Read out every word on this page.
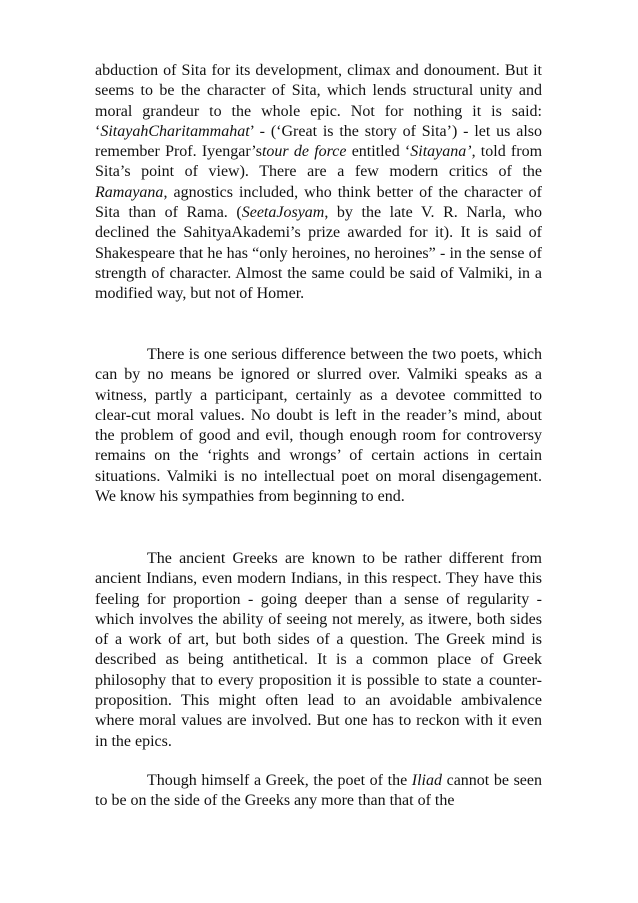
abduction of Sita for its development, climax and donoument. But it seems to be the character of Sita, which lends structural unity and moral grandeur to the whole epic. Not for nothing it is said: ‘SitayahCharitammahat’ - (‘Great is the story of Sita’) - let us also remember Prof. Iyengar’stour de force entitled ‘Sitayana’, told from Sita’s point of view). There are a few modern critics of the Ramayana, agnostics included, who think better of the character of Sita than of Rama. (SeetaJosyam, by the late V. R. Narla, who declined the SahityaAkademi’s prize awarded for it). It is said of Shakespeare that he has “only heroines, no heroines” - in the sense of strength of character. Almost the same could be said of Valmiki, in a modified way, but not of Homer.

There is one serious difference between the two poets, which can by no means be ignored or slurred over. Valmiki speaks as a witness, partly a participant, certainly as a devotee committed to clear-cut moral values. No doubt is left in the reader’s mind, about the problem of good and evil, though enough room for controversy remains on the ‘rights and wrongs’ of certain actions in certain situations. Valmiki is no intellectual poet on moral disengagement. We know his sympathies from beginning to end.

The ancient Greeks are known to be rather different from ancient Indians, even modern Indians, in this respect. They have this feeling for proportion - going deeper than a sense of regularity - which involves the ability of seeing not merely, as itwere, both sides of a work of art, but both sides of a question. The Greek mind is described as being antithetical. It is a common place of Greek philosophy that to every proposition it is possible to state a counter-proposition. This might often lead to an avoidable ambivalence where moral values are involved. But one has to reckon with it even in the epics.

Though himself a Greek, the poet of the Iliad cannot be seen to be on the side of the Greeks any more than that of the
